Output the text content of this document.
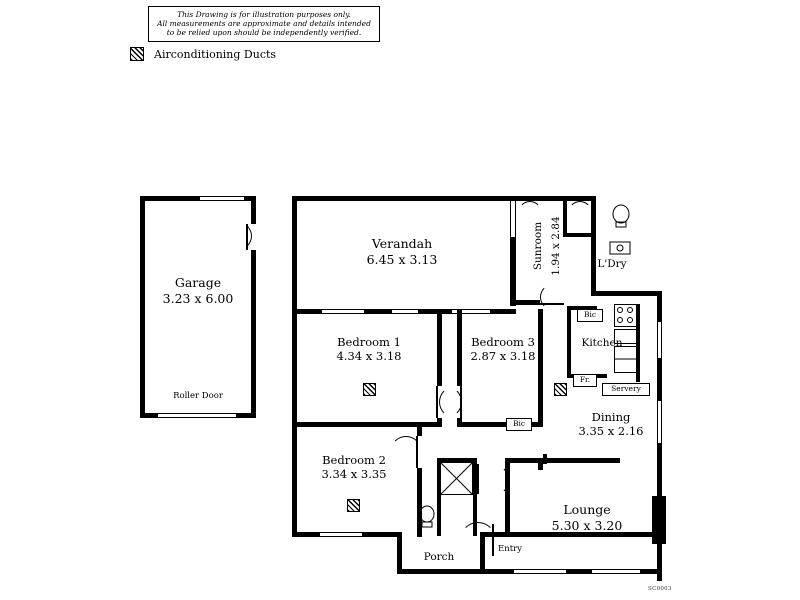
This Drawing is for illustration purposes only.
All measurements are approximate and details intended
to be relied upon should be independently verified.
Airconditioning Ducts
Garage
3.23 x 6.00
Roller Door
Verandah
6.45 x 3.13	Sunroom 1.94 x 2.84	L'Dry
Kitchen
Bic
Fr.
Servery
Dining
3.35 x 2.16
Bedroom 1
4.34 x 3.18
Bedroom 3
2.87 x 3.18
Bic
Bedroom 2
3.34 x 3.35
Lounge
5.30 x 3.20
Porch
Entry
SC0003
